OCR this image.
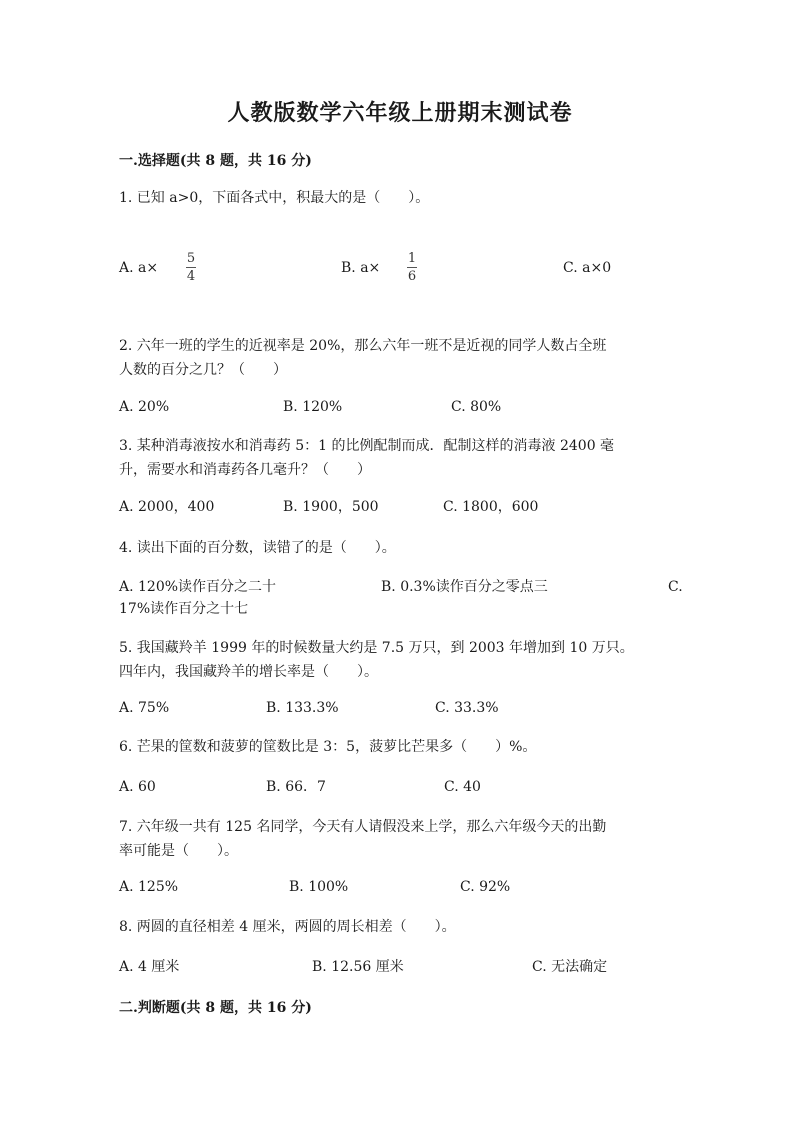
人教版数学六年级上册期末测试卷
一.选择题(共 8 题，共 16 分)
1. 已知 a>0，下面各式中，积最大的是（　　）。
A. a×
5
4
B. a×
1
6
C. a×0
2. 六年一班的学生的近视率是 20%，那么六年一班不是近视的同学人数占全班
人数的百分之几？（　　）
A. 20%	B. 120%	C. 80%
3. 某种消毒液按水和消毒药 5：1 的比例配制而成．配制这样的消毒液 2400 毫
升，需要水和消毒药各几毫升？（　　）
A. 2000，400	B. 1900，500	C. 1800，600
4. 读出下面的百分数，读错了的是（　　）。
A. 120%读作百分之二十	B. 0.3%读作百分之零点三	C.
17%读作百分之十七
5. 我国藏羚羊 1999 年的时候数量大约是 7.5 万只，到 2003 年增加到 10 万只。
四年内，我国藏羚羊的增长率是（　　）。
A. 75%	B. 133.3%	C. 33.3%
6. 芒果的筐数和菠萝的筐数比是 3：5，菠萝比芒果多（　　）%。
A. 60	B. 66．7	C. 40
7. 六年级一共有 125 名同学，今天有人请假没来上学，那么六年级今天的出勤
率可能是（　　）。
A. 125%	B. 100%	C. 92%
8. 两圆的直径相差 4 厘米，两圆的周长相差（　　）。
A. 4 厘米	B. 12.56 厘米	C. 无法确定
二.判断题(共 8 题，共 16 分)
